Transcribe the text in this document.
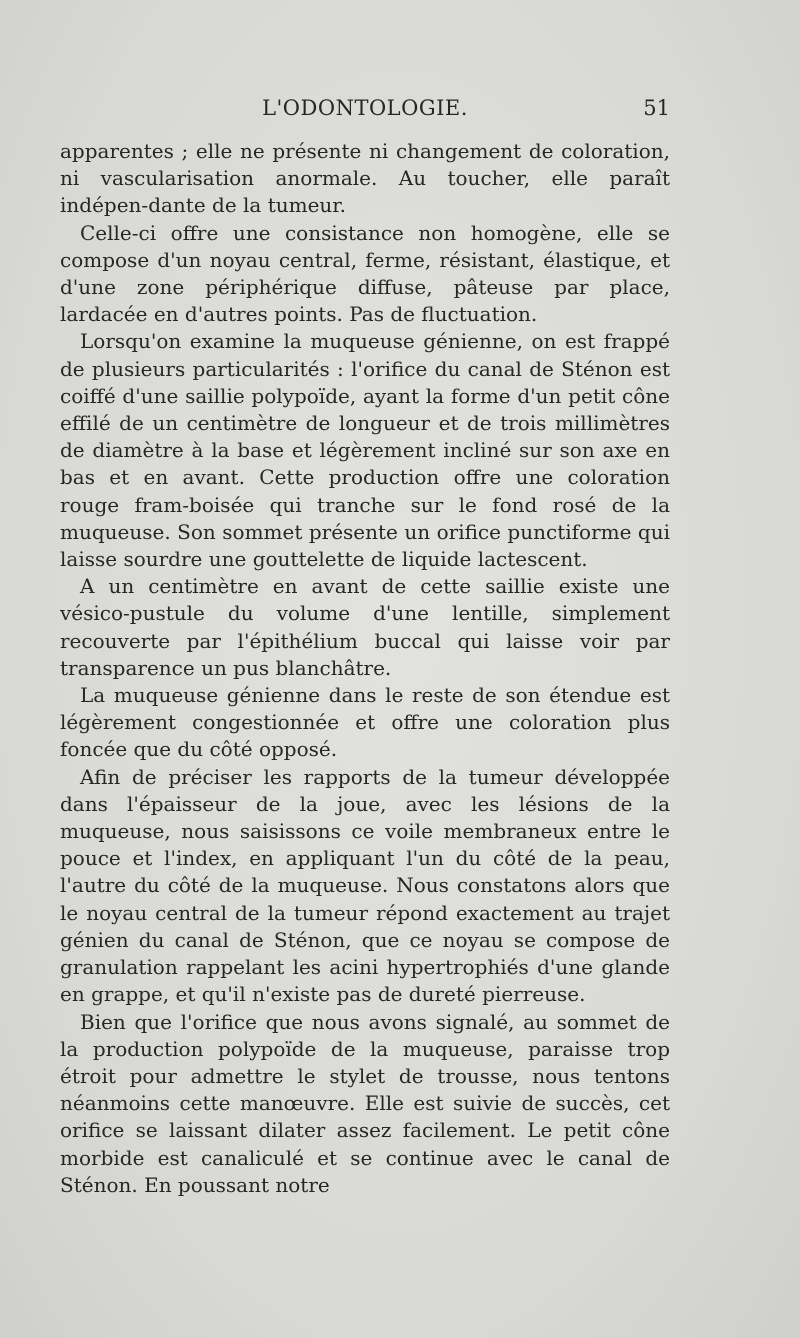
L'ODONTOLOGIE.	51

apparentes ; elle ne présente ni changement de coloration, ni vascularisation anormale. Au toucher, elle paraît indépen-dante de la tumeur.

Celle-ci offre une consistance non homogène, elle se compose d'un noyau central, ferme, résistant, élastique, et d'une zone périphérique diffuse, pâteuse par place, lardacée en d'autres points. Pas de fluctuation.

Lorsqu'on examine la muqueuse génienne, on est frappé de plusieurs particularités : l'orifice du canal de Sténon est coiffé d'une saillie polypoïde, ayant la forme d'un petit cône effilé de un centimètre de longueur et de trois millimètres de diamètre à la base et légèrement incliné sur son axe en bas et en avant. Cette production offre une coloration rouge fram-boisée qui tranche sur le fond rosé de la muqueuse. Son sommet présente un orifice punctiforme qui laisse sourdre une gouttelette de liquide lactescent.

A un centimètre en avant de cette saillie existe une vésico-pustule du volume d'une lentille, simplement recouverte par l'épithélium buccal qui laisse voir par transparence un pus blanchâtre.

La muqueuse génienne dans le reste de son étendue est légèrement congestionnée et offre une coloration plus foncée que du côté opposé.

Afin de préciser les rapports de la tumeur développée dans l'épaisseur de la joue, avec les lésions de la muqueuse, nous saisissons ce voile membraneux entre le pouce et l'index, en appliquant l'un du côté de la peau, l'autre du côté de la muqueuse. Nous constatons alors que le noyau central de la tumeur répond exactement au trajet génien du canal de Sténon, que ce noyau se compose de granulation rappelant les acini hypertrophiés d'une glande en grappe, et qu'il n'existe pas de dureté pierreuse.

Bien que l'orifice que nous avons signalé, au sommet de la production polypoïde de la muqueuse, paraisse trop étroit pour admettre le stylet de trousse, nous tentons néanmoins cette manœuvre. Elle est suivie de succès, cet orifice se laissant dilater assez facilement. Le petit cône morbide est canaliculé et se continue avec le canal de Sténon. En poussant notre
